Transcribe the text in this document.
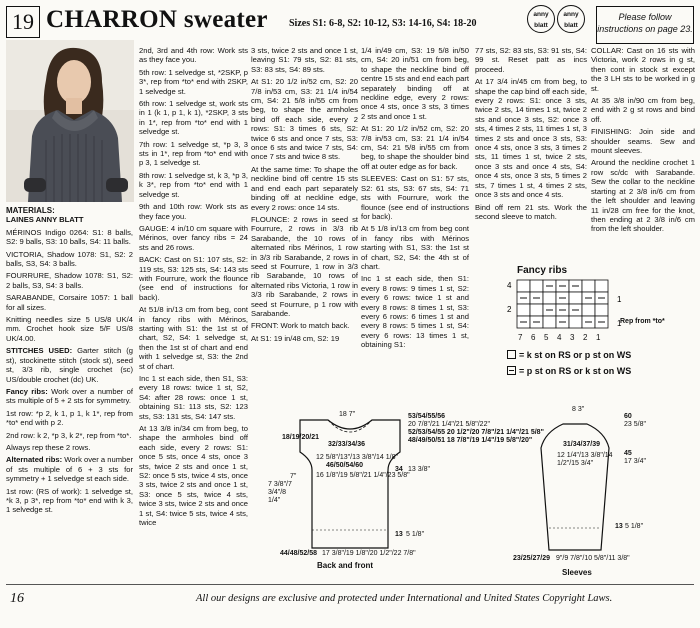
19 CHARRON sweater Sizes S1: 6-8, S2: 10-12, S3: 14-16, S4: 18-20
anny blatt
anny blatt
Please follow instructions on page 23.

MATERIALS:
LAINES ANNY BLATT

MÉRINOS Indigo 0264: S1: 8 balls, S2: 9 balls, S3: 10 balls, S4: 11 balls.

VICTORIA, Shadow 1078: S1, S2: 2 balls, S3, S4: 3 balls.

FOURRURE, Shadow 1078: S1, S2: 2 balls, S3, S4: 3 balls.

SARABANDE, Corsaire 1057: 1 ball for all sizes.

Knitting needles size 5 US/8 UK/4 mm. Crochet hook size 5/F US/8 UK/4.00.

STITCHES USED: Garter stitch (g st), stockinette stitch (stock st), seed st, 3/3 rib, single crochet (sc) US/double crochet (dc) UK.

Fancy ribs: Work over a number of sts multiple of 5 + 2 sts for symmetry.

1st row: *p 2, k 1, p 1, k 1*, rep from *to* end with p 2.

2nd row: k 2, *p 3, k 2*, rep from *to*.

Always rep these 2 rows.

Alternated ribs: Work over a number of sts multiple of 6 + 3 sts for symmetry + 1 selvedge st each side.

1st row: (RS of work): 1 selvedge st, *k 3, p 3*, rep from *to* end with k 3, 1 selvedge st.

2nd, 3rd and 4th row: Work sts as they face you.

5th row: 1 selvedge st, *2SKP, p 3*, rep from *to* end with 2SKP, 1 selvedge st.

6th row: 1 selvedge st, work sts in 1 (k 1, p 1, k 1), *2SKP, 3 sts in 1*, rep from *to* end with 1 selvedge st.

7th row: 1 selvedge st, *p 3, 3 sts in 1*, rep from *to* end with p 3, 1 selvedge st.

8th row: 1 selvedge st, k 3, *p 3, k 3*, rep from *to* end with 1 selvedge st.

9th and 10th row: Work sts as they face you.

GAUGE: 4 in/10 cm square with Mérinos, over fancy ribs = 24 sts and 26 rows.

BACK: Cast on S1: 107 sts, S2: 119 sts, S3: 125 sts, S4: 143 sts with Fourrure, work the flounce (see end of instructions for back).

At 51/8 in/13 cm from beg, cont in fancy ribs with Mérinos, starting with S1: the 1st st of chart, S2, S4: 1 selvedge st, then the 1st st of chart and end with 1 selvedge st, S3: the 2nd st of chart.

Inc 1 st each side, then S1, S3: every 18 rows: twice 1 st, S2, S4: after 28 rows: once 1 st, obtaining S1: 113 sts, S2: 123 sts, S3: 131 sts, S4: 147 sts.

At 13 3/8 in/34 cm from beg, to shape the armholes bind off each side, every 2 rows: S1: once 5 sts, once 4 sts, once 3 sts, twice 2 sts and once 1 st, S2: once 5 sts, twice 4 sts, once 3 sts, twice 2 sts and once 1 st, S3: once 5 sts, twice 4 sts, twice 3 sts, twice 2 sts and once 1 st, S4: twice 5 sts, twice 4 sts, twice

3 sts, twice 2 sts and once 1 st, leaving S1: 79 sts, S2: 81 sts, S3: 83 sts, S4: 89 sts.

At S1: 20 1/2 in/52 cm, S2: 20 7/8 in/53 cm, S3: 21 1/4 in/54 cm, S4: 21 5/8 in/55 cm from beg, to shape the armholes bind off each side, every 2 rows: S1: 3 times 6 sts, S2: twice 6 sts and once 7 sts, S3: once 6 sts and twice 7 sts, S4: once 7 sts and twice 8 sts.

At the same time: To shape the neckline bind off centre 15 sts and end each part separately binding off at neckline edge, every 2 rows: once 14 sts.

FLOUNCE: 2 rows in seed st Fourrure, 2 rows in 3/3 rib Sarabande, the 10 rows of alternated ribs Mérinos, 1 row in 3/3 rib Sarabande, 2 rows in seed st Fourrure, 1 row in 3/3 rib Sarabande, 10 rows of alternated ribs Victoria, 1 row in 3/3 rib Sarabande, 2 rows in seed st Fourrure, p 1 row with Sarabande.

FRONT: Work to match back.

At S1: 19 in/48 cm, S2: 19

1/4 in/49 cm, S3: 19 5/8 in/50 cm, S4: 20 in/51 cm from beg, to shape the neckline bind off centre 15 sts and end each part separately binding off at neckline edge, every 2 rows: once 4 sts, once 3 sts, 3 times 2 sts and once 1 st.

At S1: 20 1/2 in/52 cm, S2: 20 7/8 in/53 cm, S3: 21 1/4 in/54 cm, S4: 21 5/8 in/55 cm from beg, to shape the shoulder bind off at outer edge as for back.

SLEEVES: Cast on S1: 57 sts, S2: 61 sts, S3: 67 sts, S4: 71 sts with Fourrure, work the flounce (see end of instructions for back).

At 5 1/8 in/13 cm from beg cont in fancy ribs with Mérinos starting with S1, S3: the 1st st of chart, S2, S4: the 4th st of chart.

Inc 1 st each side, then S1: every 8 rows: 9 times 1 st, S2: every 6 rows: twice 1 st and every 8 rows: 8 times 1 st, S3: every 6 rows: 6 times 1 st and every 8 rows: 5 times 1 st, S4: every 6 rows: 13 times 1 st, obtaining S1:

77 sts, S2: 83 sts, S3: 91 sts, S4: 99 st. Reset patt as incs proceed.

At 17 3/4 in/45 cm from beg, to shape the cap bind off each side, every 2 rows: S1: once 3 sts, twice 2 sts, 14 times 1 st, twice 2 sts and once 3 sts, S2: once 3 sts, 4 times 2 sts, 11 times 1 st, 3 times 2 sts and once 3 sts, S3: once 4 sts, once 3 sts, 3 times 2 sts, 11 times 1 st, twice 2 sts, once 3 sts and once 4 sts, S4: once 4 sts, once 3 sts, 5 times 2 sts, 7 times 1 st, 4 times 2 sts, once 3 sts and once 4 sts.

Bind off rem 21 sts. Work the second sleeve to match.

COLLAR: Cast on 16 sts with Victoria, work 2 rows in g st, then cont in stock st except the 3 LH sts to be worked in g st.

At 35 3/8 in/90 cm from beg, end with 2 g st rows and bind off.

FINISHING: Join side and shoulder seams. Sew and mount sleeves.

Around the neckline crochet 1 row sc/dc with Sarabande. Sew the collar to the neckline starting at 2 3/8 in/6 cm from the left shoulder and leaving 11 in/28 cm free for the knot, then ending at 2 3/8 in/6 cm from the left shoulder.

Fancy ribs
4
2
1
1
7 6 5 4 3 2 1
Rep from *to*
= k st on RS or p st on WS
= p st on RS or k st on WS
18 7"	53/54/55/56
20 7/8"/21 1/4"/21 5/8"/22"
52/53/54/55 20 1/2"/20 7/8"/21 1/4"/21 5/8"
48/49/50/51 18 7/8"/19 1/4"/19 5/8"/20"
32/33/34/36
12 5/8"/13"/13 3/8"/14 1/8"
46/50/54/60
16 1/8"/19 5/8"/21 1/4"/23 5/8"
18/19/20/21
7"
7 3/8"/7 3/4"/8 1/4"
34 13 3/8"
13 5 1/8"
44/48/52/58 17 3/8"/19 1/8"/20 1/2"/22 7/8"
Back and front
8 3"
31/34/37/39
12 1/4"/13 3/8"/14 1/2"/15 3/4"
60
23 5/8"
45
17 3/4"
13 5 1/8"
23/25/27/29 9"/9 7/8"/10 5/8"/11 3/8"
Sleeves
16	All our designs are exclusive and protected under International and United States Copyright Laws.
